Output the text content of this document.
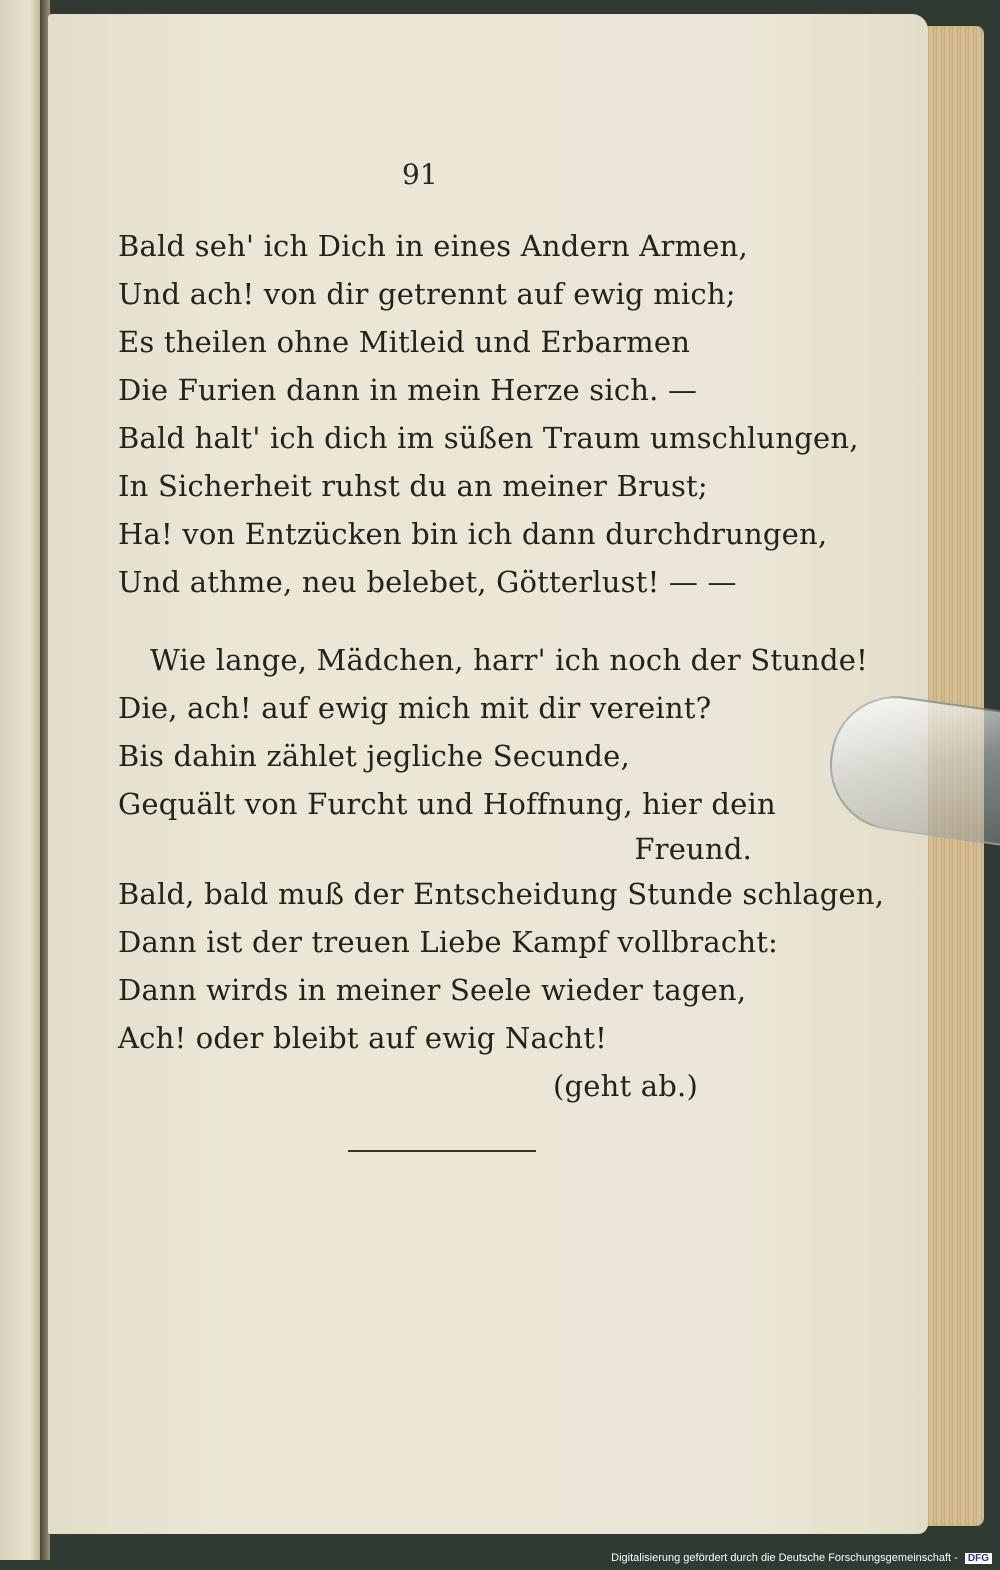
91
Bald seh' ich Dich in eines Andern Armen,
Und ach! von dir getrennt auf ewig mich;
Es theilen ohne Mitleid und Erbarmen
Die Furien dann in mein Herze sich. —
Bald halt' ich dich im süßen Traum umschlungen,
In Sicherheit ruhst du an meiner Brust;
Ha! von Entzücken bin ich dann durchdrungen,
Und athme, neu belebet, Götterlust! — —
Wie lange, Mädchen, harr' ich noch der Stunde!
Die, ach! auf ewig mich mit dir vereint?
Bis dahin zählet jegliche Secunde,
Gequält von Furcht und Hoffnung, hier dein
Freund.
Bald, bald muß der Entscheidung Stunde schlagen,
Dann ist der treuen Liebe Kampf vollbracht:
Dann wirds in meiner Seele wieder tagen,
Ach! oder bleibt auf ewig Nacht!
(geht ab.)
Digitalisierung gefördert durch die Deutsche Forschungsgemeinschaft - DFG
